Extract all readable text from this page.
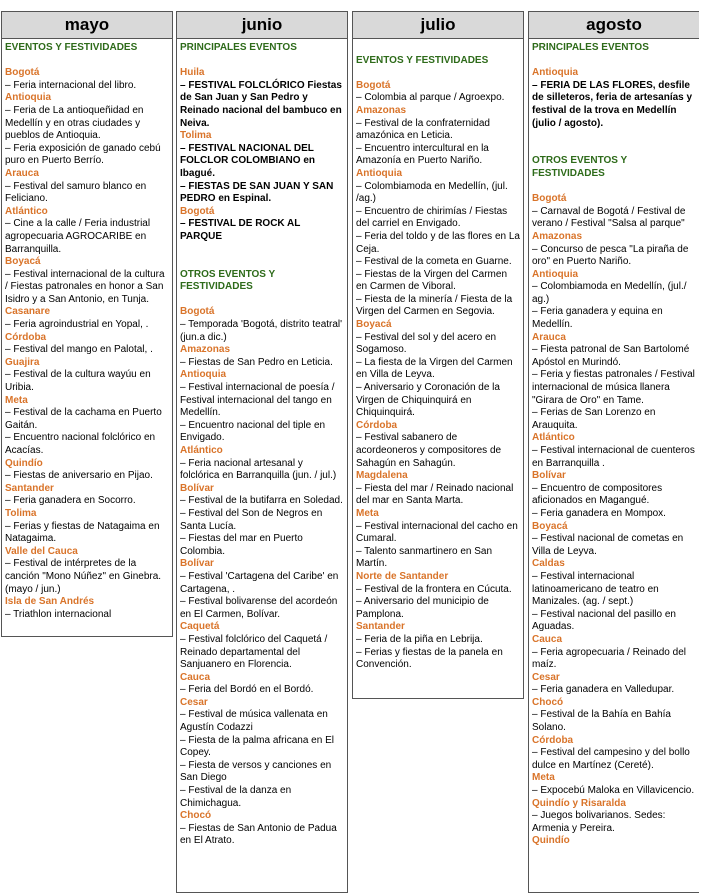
mayo
EVENTOS Y FESTIVIDADES
Bogotá
– Feria internacional del libro.
Antioquia
– Feria de La antioqueñidad en Medellín y en otras ciudades y pueblos de Antioquia.
– Feria exposición de ganado cebú puro en Puerto Berrío.
Arauca
– Festival del samuro blanco en Feliciano.
Atlántico
– Cine a la calle / Feria industrial agropecuaria AGROCARIBE en Barranquilla.
Boyacá
– Festival internacional de la cultura / Fiestas patronales en honor a San Isidro y a San Antonio, en Tunja.
Casanare
– Feria agroindustrial en Yopal, .
Córdoba
– Festival del mango en Palotal, .
Guajira
– Festival de la cultura wayúu en Uribia.
Meta
– Festival de la cachama en Puerto Gaitán.
– Encuentro nacional folclórico en Acacías.
Quindío
– Fiestas de aniversario en Pijao.
Santander
– Feria ganadera en Socorro.
Tolima
– Ferias y fiestas de Natagaima en Natagaima.
Valle del Cauca
– Festival de intérpretes de la canción "Mono Núñez" en Ginebra. (mayo / jun.)
Isla de San Andrés
– Triathlon internacional
junio
PRINCIPALES EVENTOS
Huila
– FESTIVAL FOLCLÓRICO Fiestas de San Juan y San Pedro y Reinado nacional del bambuco en Neiva.
Tolima
– FESTIVAL NACIONAL DEL FOLCLOR COLOMBIANO en Ibagué.
– FIESTAS DE SAN JUAN Y SAN PEDRO en Espinal.
Bogotá
– FESTIVAL DE ROCK AL PARQUE
OTROS EVENTOS Y FESTIVIDADES
Bogotá
– Temporada 'Bogotá, distrito teatral' (jun.a dic.)
Amazonas
– Fiestas de San Pedro en Leticia.
Antioquia
– Festival internacional de poesía / Festival internacional del tango en Medellín.
– Encuentro nacional del tiple en Envigado.
Atlántico
– Feria nacional artesanal y folclórica en Barranquilla (jun. / jul.)
Bolívar
– Festival de la butifarra en Soledad.
– Festival del Son de Negros en Santa Lucía.
– Fiestas del mar en Puerto Colombia.
Bolívar
– Festival 'Cartagena del Caribe' en Cartagena, .
– Festival bolivarense del acordeón en El Carmen, Bolívar.
Caquetá
– Festival folclórico del Caquetá / Reinado departamental del Sanjuanero en Florencia.
Cauca
– Feria del Bordó en el Bordó.
Cesar
– Festival de música vallenata en Agustín Codazzi
– Fiesta de la palma africana en El Copey.
– Fiesta de versos y canciones en San Diego
– Festival de la danza en Chimichagua.
Chocó
– Fiestas de San Antonio de Padua en El Atrato.
julio
EVENTOS Y FESTIVIDADES
Bogotá
– Colombia al parque / Agroexpo.
Amazonas
– Festival de la confraternidad amazónica en Leticia.
– Encuentro intercultural en la Amazonía en Puerto Nariño.
Antioquia
– Colombiamoda en Medellín, (jul. /ag.)
– Encuentro de chirimías / Fiestas del carriel en Envigado.
– Feria del toldo y de las flores en La Ceja.
– Festival de la cometa en Guarne.
– Fiestas de la Virgen del Carmen en Carmen de Viboral.
– Fiesta de la minería / Fiesta de la Virgen del Carmen en Segovia.
Boyacá
– Festival del sol y del acero en Sogamoso.
– La fiesta de la Virgen del Carmen en Villa de Leyva.
– Aniversario y Coronación de la Virgen de Chiquinquirá en Chiquinquirá.
Córdoba
– Festival sabanero de acordeoneros y compositores de Sahagún en Sahagún.
Magdalena
– Fiesta del mar / Reinado nacional del mar en Santa Marta.
Meta
– Festival internacional del cacho en Cumaral.
– Talento sanmartinero en San Martín.
Norte de Santander
– Festival de la frontera en Cúcuta.
– Aniversario del municipio de Pamplona.
Santander
– Feria de la piña en Lebrija.
– Ferias y fiestas de la panela en Convención.
agosto
PRINCIPALES EVENTOS
Antioquia
– FERIA DE LAS FLORES, desfile de silleteros, feria de artesanías y festival de la trova en Medellín (julio / agosto).
OTROS EVENTOS Y FESTIVIDADES
Bogotá
– Carnaval de Bogotá / Festival de verano / Festival "Salsa al parque"
Amazonas
– Concurso de pesca "La piraña de oro" en Puerto Nariño.
Antioquia
– Colombiamoda en Medellín, (jul./ ag.)
– Feria ganadera y equina en Medellín.
Arauca
– Fiesta patronal de San Bartolomé Apóstol en Murindó.
– Feria y fiestas patronales / Festival internacional de música llanera "Girara de Oro" en Tame.
– Ferias de San Lorenzo en Arauquita.
Atlántico
– Festival internacional de cuenteros en Barranquilla .
Bolívar
– Encuentro de compositores aficionados en Magangué.
– Feria ganadera en Mompox.
Boyacá
– Festival nacional de cometas en Villa de Leyva.
Caldas
– Festival internacional latinoamericano de teatro en Manizales. (ag. / sept.)
– Festival nacional del pasillo en Aguadas.
Cauca
– Feria agropecuaria / Reinado del maíz.
Cesar
– Feria ganadera en Valledupar.
Chocó
– Festival de la Bahía en Bahía Solano.
Córdoba
– Festival del campesino y del bollo dulce en Martínez (Cereté).
Meta
– Expocebú Maloka en Villavicencio.
Quindío y Risaralda
– Juegos bolivarianos. Sedes: Armenia y Pereira.
Quindío
